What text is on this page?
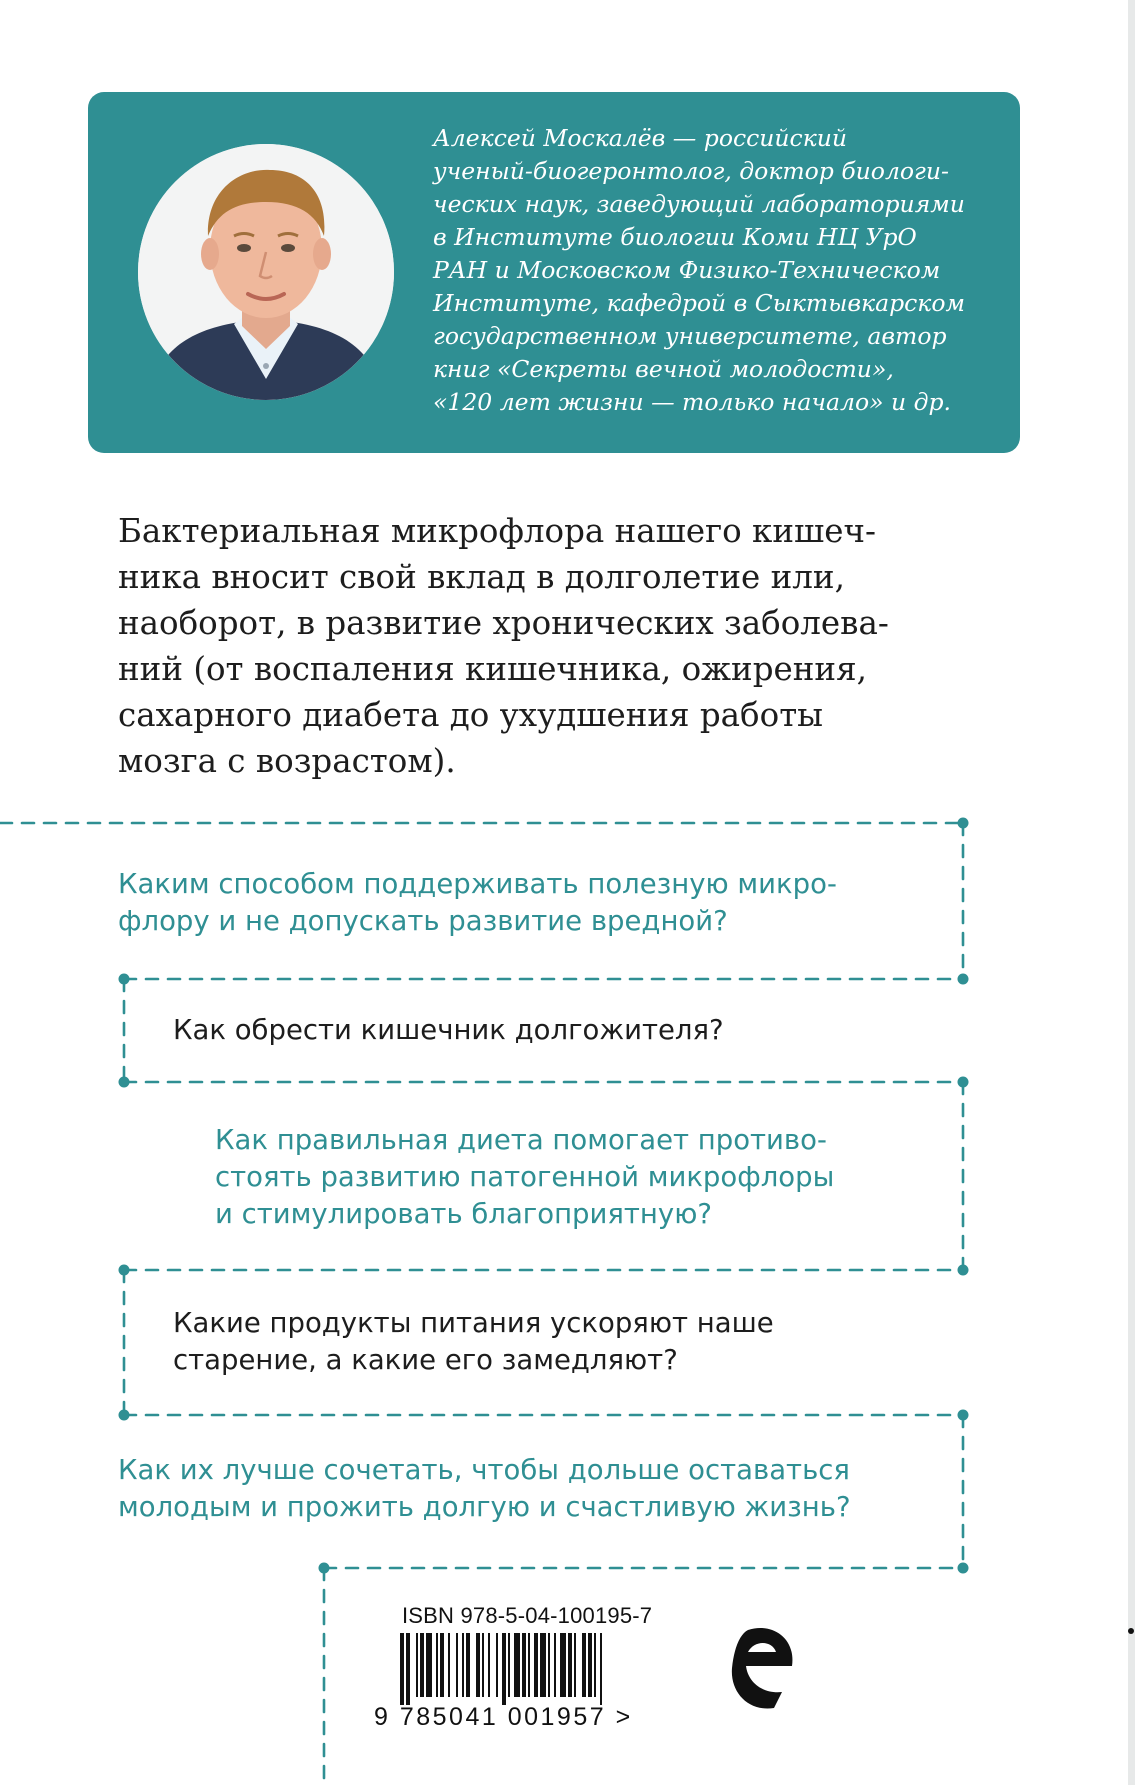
Алексей Москалёв — российский
ученый-биогеронтолог, доктор биологи-
ческих наук, заведующий лабораториями
в Институте биологии Коми НЦ УрО
РАН и Московском Физико-Техническом
Институте, кафедрой в Сыктывкарском
государственном университете, автор
книг «Секреты вечной молодости»,
«120 лет жизни — только начало» и др.

Бактериальная микрофлора нашего кишеч-
ника вносит свой вклад в долголетие или,
наоборот, в развитие хронических заболева-
ний (от воспаления кишечника, ожирения,
сахарного диабета до ухудшения работы
мозга с возрастом).

Каким способом поддерживать полезную микро-
флору и не допускать развитие вредной?

Как обрести кишечник долгожителя?

Как правильная диета помогает противо-
стоять развитию патогенной микрофлоры
и стимулировать благоприятную?

Какие продукты питания ускоряют наше
старение, а какие его замедляют?

Как их лучше сочетать, чтобы дольше оставаться
молодым и прожить долгую и счастливую жизнь?

ISBN 978-5-04-100195-7

9 785041 001957 >
